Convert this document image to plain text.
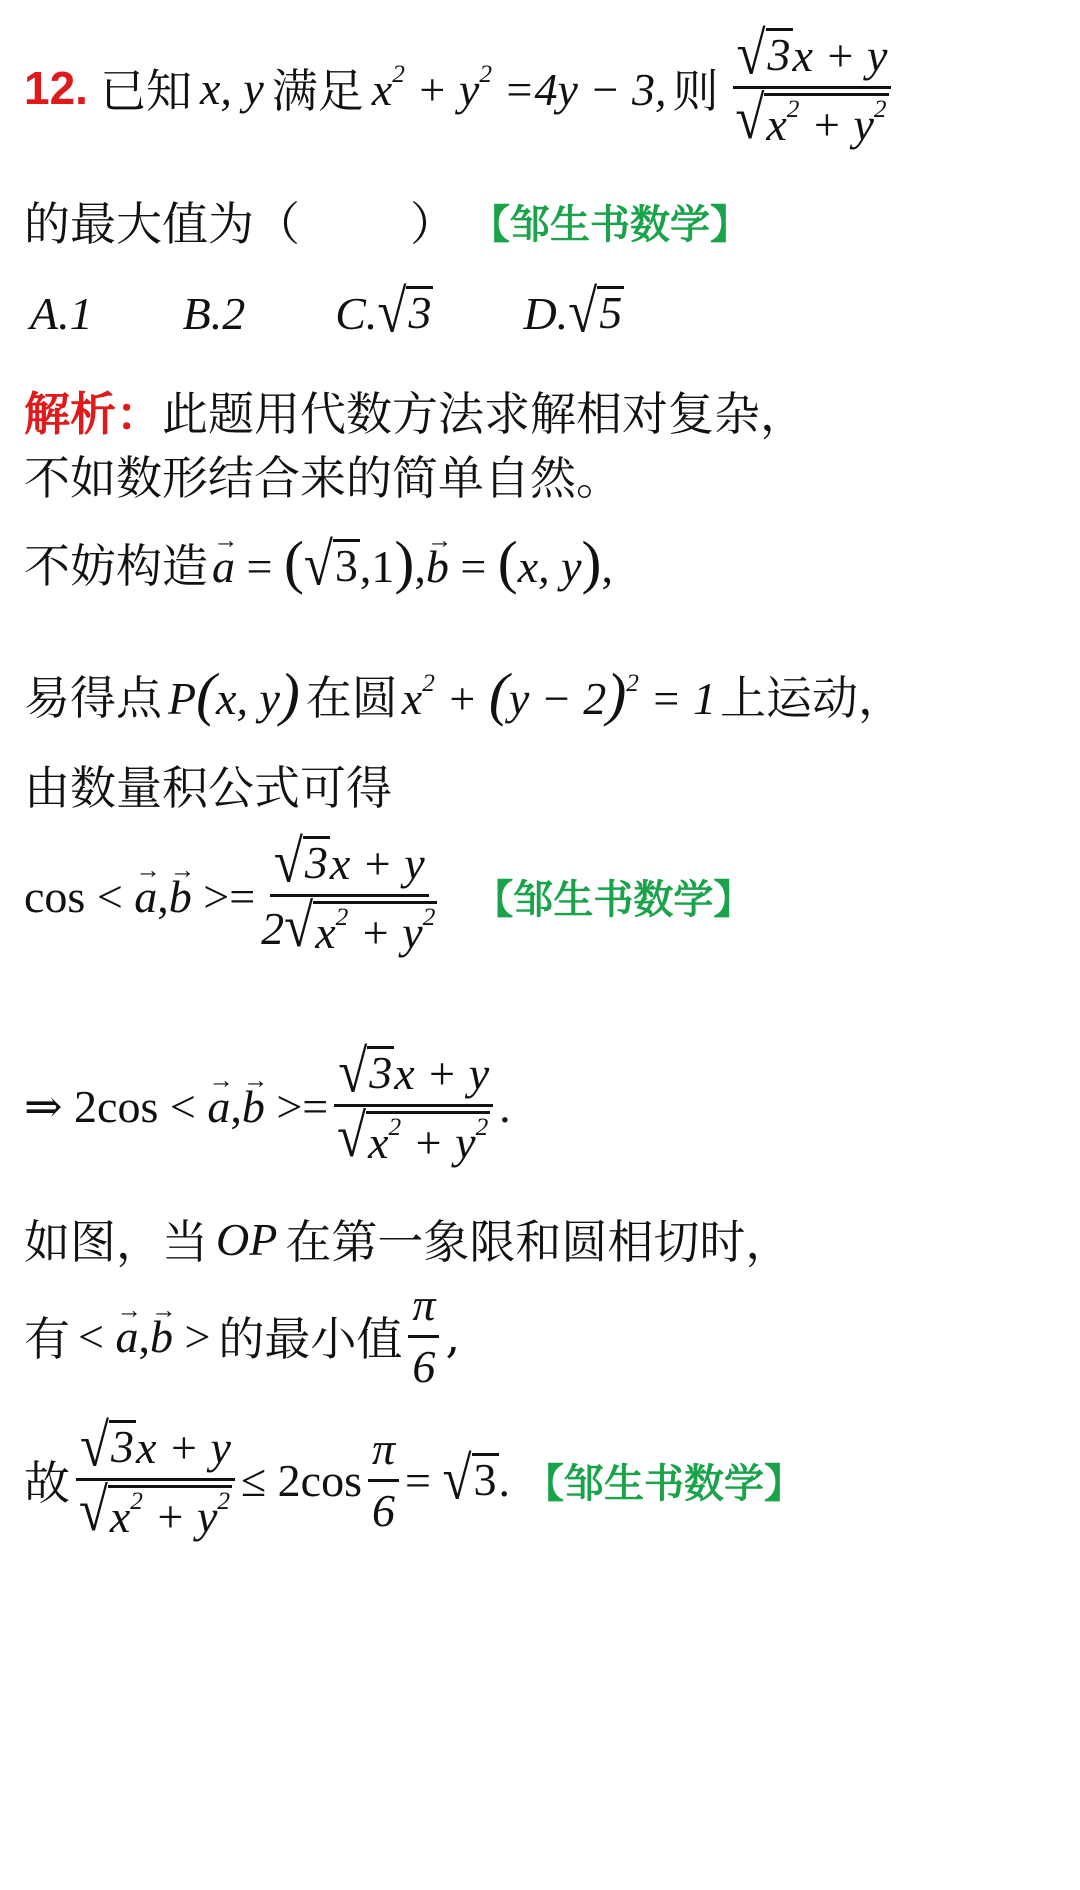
12. 已知 x, y 满足 $x^2 + y^2 =4y - 3$, 则 $\frac{√ 3 x + y}{√ x^2 + y^2}$
的最大值为（ ） 【邹生书数学】
A.1 B.2 C. √ 3 D. √ 5
解析： 此题用代数方法求解相对复杂，
不如数形结合来的简单自然。
不妨构造
→ a = ( √ 3 ,1),→ b = (x, y),
易得点 P(x, y) 在圆 $x^2 + (y - 2)^2 = 1$ 上运动，
由数量积公式可得
cos < → $a,\to b >= \frac{√ 3 x + y}{2 √ x^2 + y^2}$ 【邹生书数学】
⇒ 2cos < → $a,\to b >= \frac{√ 3 x + y}{√ x^2 + y^2}$ .
如图，当 OP 在第一象限和圆相切时，
有 < → a,→ b > 的最小值 $\frac{\pi}{6}$ ,
故 $\frac{√ 3 x + y}{√ x^2 + y^2} \le 2\cos \frac{\pi}{6}$ = √ 3 . 【邹生书数学】
